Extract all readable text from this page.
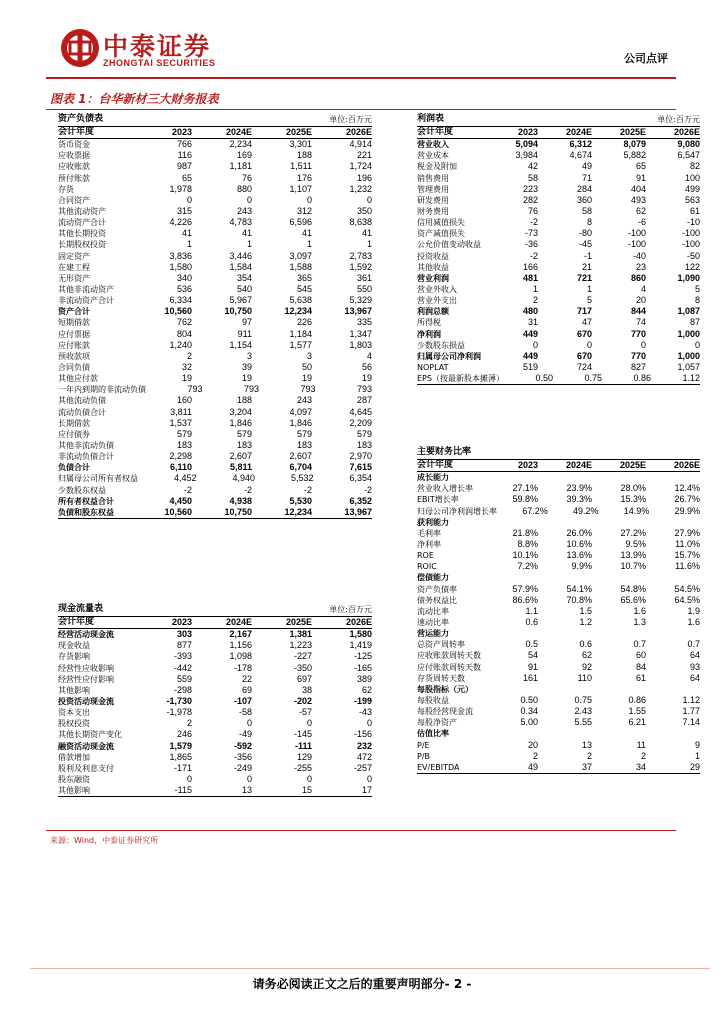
中泰证券
ZHONGTAI SECURITIES	公司点评
图表 1：台华新材三大财务报表
资产负债表	单位:百万元
会计年度	2023	2024E	2025E	2026E
货币资金	766	2,234	3,301	4,914
应收票据	116	169	188	221
应收账款	987	1,181	1,511	1,724
预付账款	65	76	176	196
存货	1,978	880	1,107	1,232
合同资产	0	0	0	0
其他流动资产	315	243	312	350
流动资产合计	4,226	4,783	6,596	8,638
其他长期投资	41	41	41	41
长期股权投资	1	1	1	1
固定资产	3,836	3,446	3,097	2,783
在建工程	1,580	1,584	1,588	1,592
无形资产	340	354	365	361
其他非流动资产	536	540	545	550
非流动资产合计	6,334	5,967	5,638	5,329
资产合计	10,560	10,750	12,234	13,967
短期借款	762	97	226	335
应付票据	804	911	1,184	1,347
应付账款	1,240	1,154	1,577	1,803
预收款项	2	3	3	4
合同负债	32	39	50	56
其他应付款	19	19	19	19
一年内到期的非流动负债	793	793	793	793
其他流动负债	160	188	243	287
流动负债合计	3,811	3,204	4,097	4,645
长期借款	1,537	1,846	1,846	2,209
应付债券	579	579	579	579
其他非流动负债	183	183	183	183
非流动负债合计	2,298	2,607	2,607	2,970
负债合计	6,110	5,811	6,704	7,615
归属母公司所有者权益	4,452	4,940	5,532	6,354
少数股东权益	-2	-2	-2	-2
所有者权益合计	4,450	4,938	5,530	6,352
负债和股东权益	10,560	10,750	12,234	13,967
利润表	单位:百万元
会计年度	2023	2024E	2025E	2026E
营业收入	5,094	6,312	8,079	9,080
营业成本	3,984	4,674	5,882	6,547
税金及附加	42	49	65	82
销售费用	58	71	91	100
管理费用	223	284	404	499
研发费用	282	360	493	563
财务费用	76	58	62	61
信用减值损失	-2	8	-6	-10
资产减值损失	-73	-80	-100	-100
公允价值变动收益	-36	-45	-100	-100
投资收益	-2	-1	-40	-50
其他收益	166	21	23	122
营业利润	481	721	860	1,090
营业外收入	1	1	4	5
营业外支出	2	5	20	8
利润总额	480	717	844	1,087
所得税	31	47	74	87
净利润	449	670	770	1,000
少数股东损益	0	0	0	0
归属母公司净利润	449	670	770	1,000
NOPLAT	519	724	827	1,057
EPS（按最新股本摊薄）	0.50	0.75	0.86	1.12
主要财务比率
会计年度	2023	2024E	2025E	2026E
成长能力
营业收入增长率	27.1%	23.9%	28.0%	12.4%
EBIT增长率	59.8%	39.3%	15.3%	26.7%
归母公司净利润增长率	67.2%	49.2%	14.9%	29.9%
获利能力
毛利率	21.8%	26.0%	27.2%	27.9%
净利率	8.8%	10.6%	9.5%	11.0%
ROE	10.1%	13.6%	13.9%	15.7%
ROIC	7.2%	9.9%	10.7%	11.6%
偿债能力
资产负债率	57.9%	54.1%	54.8%	54.5%
债务权益比	86.6%	70.8%	65.6%	64.5%
流动比率	1.1	1.5	1.6	1.9
速动比率	0.6	1.2	1.3	1.6
营运能力
总资产周转率	0.5	0.6	0.7	0.7
应收账款周转天数	54	62	60	64
应付账款周转天数	91	92	84	93
存货周转天数	161	110	61	64
每股指标（元）
每股收益	0.50	0.75	0.86	1.12
每股经营现金流	0.34	2.43	1.55	1.77
每股净资产	5.00	5.55	6.21	7.14
估值比率
P/E	20	13	11	9
P/B	2	2	2	1
EV/EBITDA	49	37	34	29
现金流量表	单位:百万元
会计年度	2023	2024E	2025E	2026E
经营活动现金流	303	2,167	1,381	1,580
现金收益	877	1,156	1,223	1,419
存货影响	-393	1,098	-227	-125
经营性应收影响	-442	-178	-350	-165
经营性应付影响	559	22	697	389
其他影响	-298	69	38	62
投资活动现金流	-1,730	-107	-202	-199
资本支出	-1,978	-58	-57	-43
股权投资	2	0	0	0
其他长期资产变化	246	-49	-145	-156
融资活动现金流	1,579	-592	-111	232
借款增加	1,865	-356	129	472
股利及利息支付	-171	-249	-255	-257
股东融资	0	0	0	0
其他影响	-115	13	15	17
来源：Wind，中泰证券研究所
请务必阅读正文之后的重要声明部分- 2 -
